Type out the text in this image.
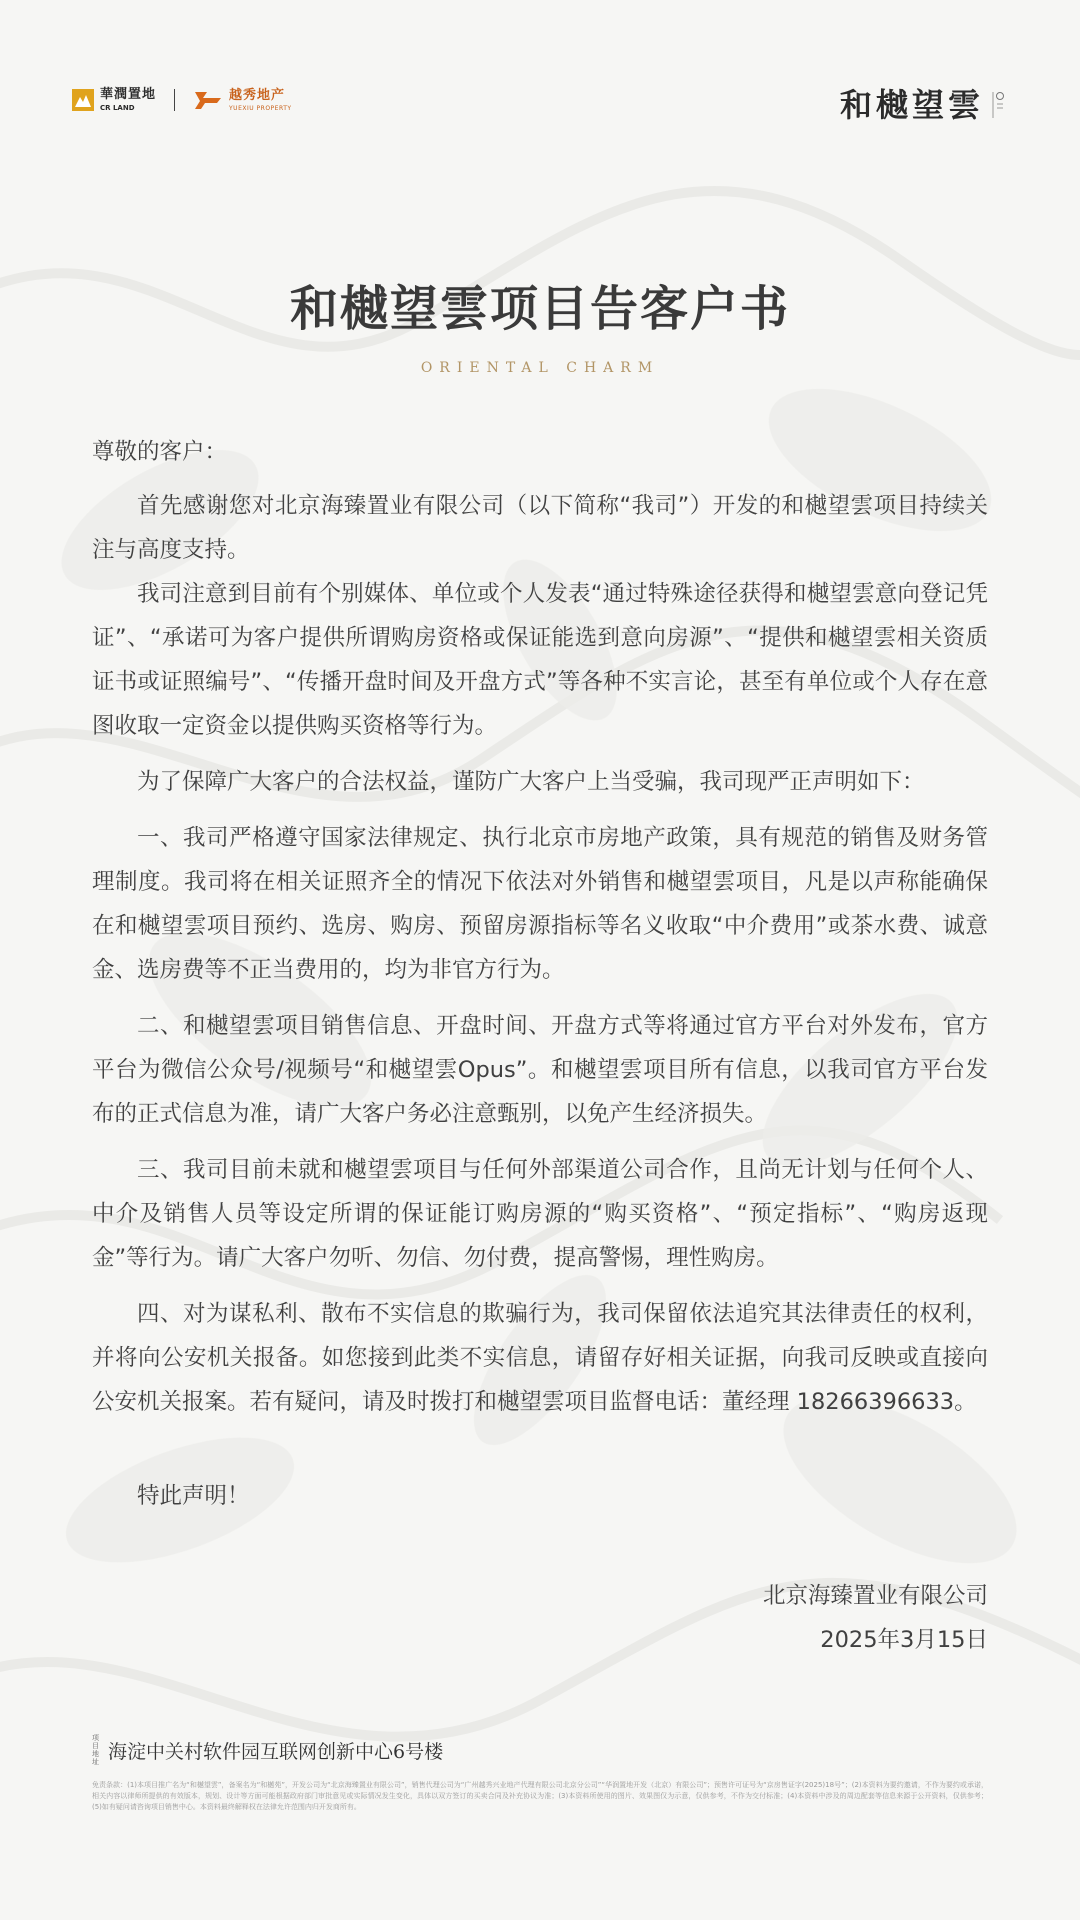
華潤置地
CR LAND
越秀地产
YUEXIU PROPERTY	和樾望雲
和樾望雲项目告客户书
ORIENTAL CHARM

尊敬的客户：

首先感谢您对北京海臻置业有限公司（以下简称“我司”）开发的和樾望雲项目持续关注与高度支持。

我司注意到目前有个别媒体、单位或个人发表“通过特殊途径获得和樾望雲意向登记凭证”、“承诺可为客户提供所谓购房资格或保证能选到意向房源”、“提供和樾望雲相关资质证书或证照编号”、“传播开盘时间及开盘方式”等各种不实言论，甚至有单位或个人存在意图收取一定资金以提供购买资格等行为。

为了保障广大客户的合法权益，谨防广大客户上当受骗，我司现严正声明如下：

一、我司严格遵守国家法律规定、执行北京市房地产政策，具有规范的销售及财务管理制度。我司将在相关证照齐全的情况下依法对外销售和樾望雲项目，凡是以声称能确保在和樾望雲项目预约、选房、购房、预留房源指标等名义收取“中介费用”或茶水费、诚意金、选房费等不正当费用的，均为非官方行为。

二、和樾望雲项目销售信息、开盘时间、开盘方式等将通过官方平台对外发布，官方平台为微信公众号/视频号“和樾望雲Opus”。和樾望雲项目所有信息，以我司官方平台发布的正式信息为准，请广大客户务必注意甄别，以免产生经济损失。

三、我司目前未就和樾望雲项目与任何外部渠道公司合作，且尚无计划与任何个人、中介及销售人员等设定所谓的保证能订购房源的“购买资格”、“预定指标”、“购房返现金”等行为。请广大客户勿听、勿信、勿付费，提高警惕，理性购房。

四、对为谋私利、散布不实信息的欺骗行为，我司保留依法追究其法律责任的权利，并将向公安机关报备。如您接到此类不实信息，请留存好相关证据，向我司反映或直接向公安机关报案。若有疑问，请及时拨打和樾望雲项目监督电话：董经理 18266396633。

特此声明！

北京海臻置业有限公司
2025年3月15日
项目地址 海淀中关村软件园互联网创新中心6号楼
免责条款：(1)本项目推广名为“和樾望雲”，备案名为“和樾苑”，开发公司为“北京海臻置业有限公司”，销售代理公司为“广州越秀兴业地产代理有限公司北京分公司”“华润置地开发（北京）有限公司”；预售许可证号为“京房售证字(2025)18号”；(2)本资料为要约邀请，不作为要约或承诺，相关内容以律师所提供的有效版本，规划、设计等方面可能根据政府部门审批意见或实际情况发生变化，具体以双方签订的买卖合同及补充协议为准；(3)本资料所使用的图片、效果图仅为示意，仅供参考，不作为交付标准；(4)本资料中涉及的周边配套等信息来源于公开资料，仅供参考；(5)如有疑问请咨询项目销售中心。本资料最终解释权在法律允许范围内归开发商所有。
